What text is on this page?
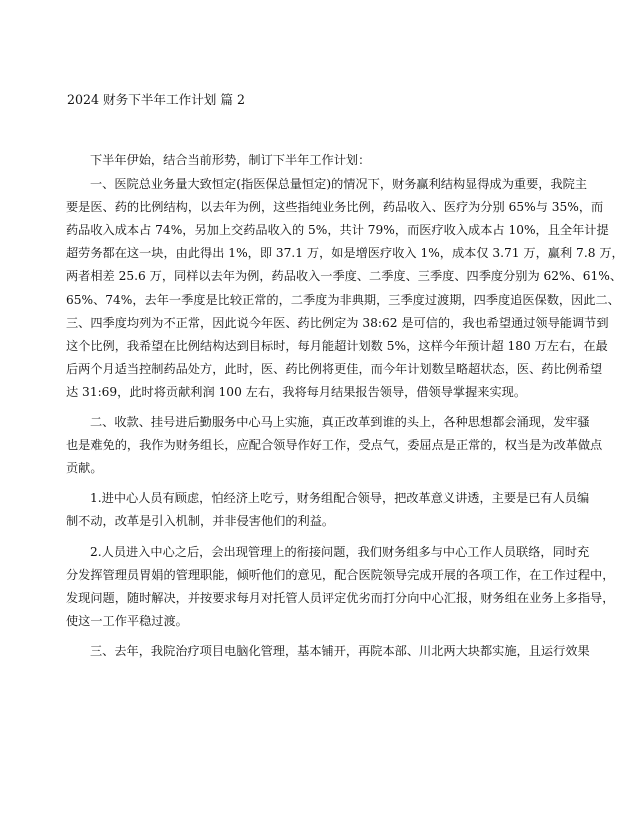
2024 财务下半年工作计划 篇 2

下半年伊始，结合当前形势，制订下半年工作计划：

一、医院总业务量大致恒定(指医保总量恒定)的情况下，财务赢利结构显得成为重要，我院主
要是医、药的比例结构，以去年为例，这些指纯业务比例，药品收入、医疗为分别 65%与 35%，而
药品收入成本占 74%，另加上交药品收入的 5%，共计 79%，而医疗收入成本占 10%，且全年计提
超劳务都在这一块，由此得出 1%，即 37.1 万，如是增医疗收入 1%，成本仅 3.71 万，赢利 7.8 万，
两者相差 25.6 万，同样以去年为例，药品收入一季度、二季度、三季度、四季度分别为 62%、61%、
65%、74%，去年一季度是比较正常的，二季度为非典期，三季度过渡期，四季度追医保数，因此二、
三、四季度均列为不正常，因此说今年医、药比例定为 38:62 是可信的，我也希望通过领导能调节到
这个比例，我希望在比例结构达到目标时，每月能超计划数 5%，这样今年预计超 180 万左右，在最
后两个月适当控制药品处方，此时，医、药比例将更佳，而今年计划数呈略超状态，医、药比例希望
达 31:69，此时将贡献利润 100 左右，我将每月结果报告领导，借领导掌握来实现。

二、收款、挂号进后勤服务中心马上实施，真正改革到谁的头上，各种思想都会涌现，发牢骚
也是难免的，我作为财务组长，应配合领导作好工作，受点气，委屈点是正常的，权当是为改革做点
贡献。

1.进中心人员有顾虑，怕经济上吃亏，财务组配合领导，把改革意义讲透，主要是已有人员编
制不动，改革是引入机制，并非侵害他们的利益。

2.人员进入中心之后，会出现管理上的衔接问题，我们财务组多与中心工作人员联络，同时充
分发挥管理员胃娟的管理职能，倾听他们的意见，配合医院领导完成开展的各项工作，在工作过程中，
发现问题，随时解决，并按要求每月对托管人员评定优劣而打分向中心汇报，财务组在业务上多指导，
使这一工作平稳过渡。

三、去年，我院治疗项目电脑化管理，基本铺开，再院本部、川北两大块都实施，且运行效果
